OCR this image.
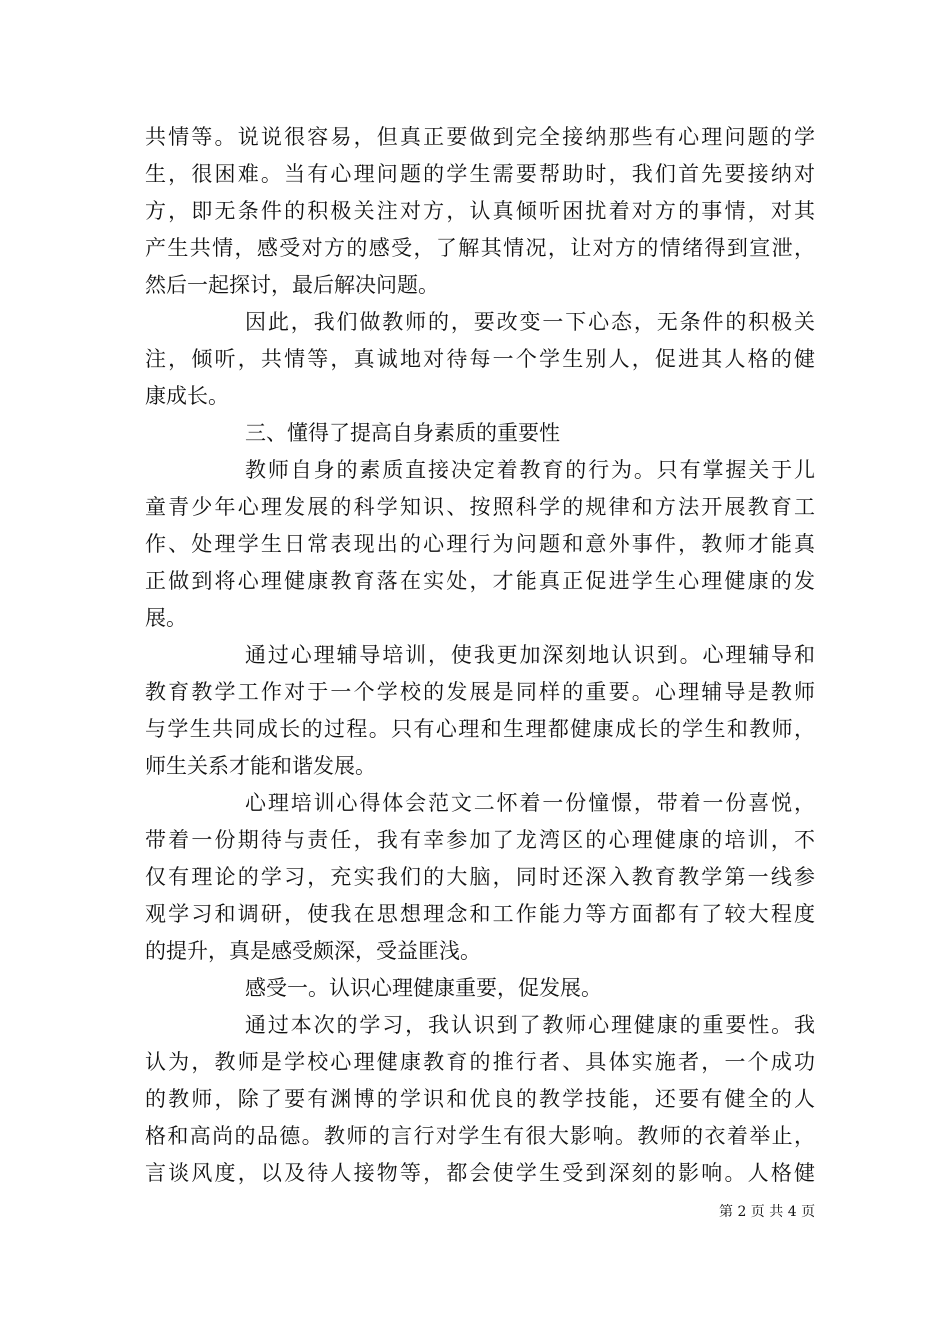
共情等。说说很容易，但真正要做到完全接纳那些有心理问题的学
生，很困难。当有心理问题的学生需要帮助时，我们首先要接纳对
方，即无条件的积极关注对方，认真倾听困扰着对方的事情，对其
产生共情，感受对方的感受，了解其情况，让对方的情绪得到宣泄，
然后一起探讨，最后解决问题。
因此，我们做教师的，要改变一下心态，无条件的积极关
注，倾听，共情等，真诚地对待每一个学生别人，促进其人格的健
康成长。
三、懂得了提高自身素质的重要性
教师自身的素质直接决定着教育的行为。只有掌握关于儿
童青少年心理发展的科学知识、按照科学的规律和方法开展教育工
作、处理学生日常表现出的心理行为问题和意外事件，教师才能真
正做到将心理健康教育落在实处，才能真正促进学生心理健康的发
展。
通过心理辅导培训，使我更加深刻地认识到。心理辅导和
教育教学工作对于一个学校的发展是同样的重要。心理辅导是教师
与学生共同成长的过程。只有心理和生理都健康成长的学生和教师，
师生关系才能和谐发展。
心理培训心得体会范文二怀着一份憧憬，带着一份喜悦，
带着一份期待与责任，我有幸参加了龙湾区的心理健康的培训，不
仅有理论的学习，充实我们的大脑，同时还深入教育教学第一线参
观学习和调研，使我在思想理念和工作能力等方面都有了较大程度
的提升，真是感受颇深，受益匪浅。
感受一。认识心理健康重要，促发展。
通过本次的学习，我认识到了教师心理健康的重要性。我
认为，教师是学校心理健康教育的推行者、具体实施者，一个成功
的教师，除了要有渊博的学识和优良的教学技能，还要有健全的人
格和高尚的品德。教师的言行对学生有很大影响。教师的衣着举止，
言谈风度，以及待人接物等，都会使学生受到深刻的影响。人格健
第 2 页 共 4 页
